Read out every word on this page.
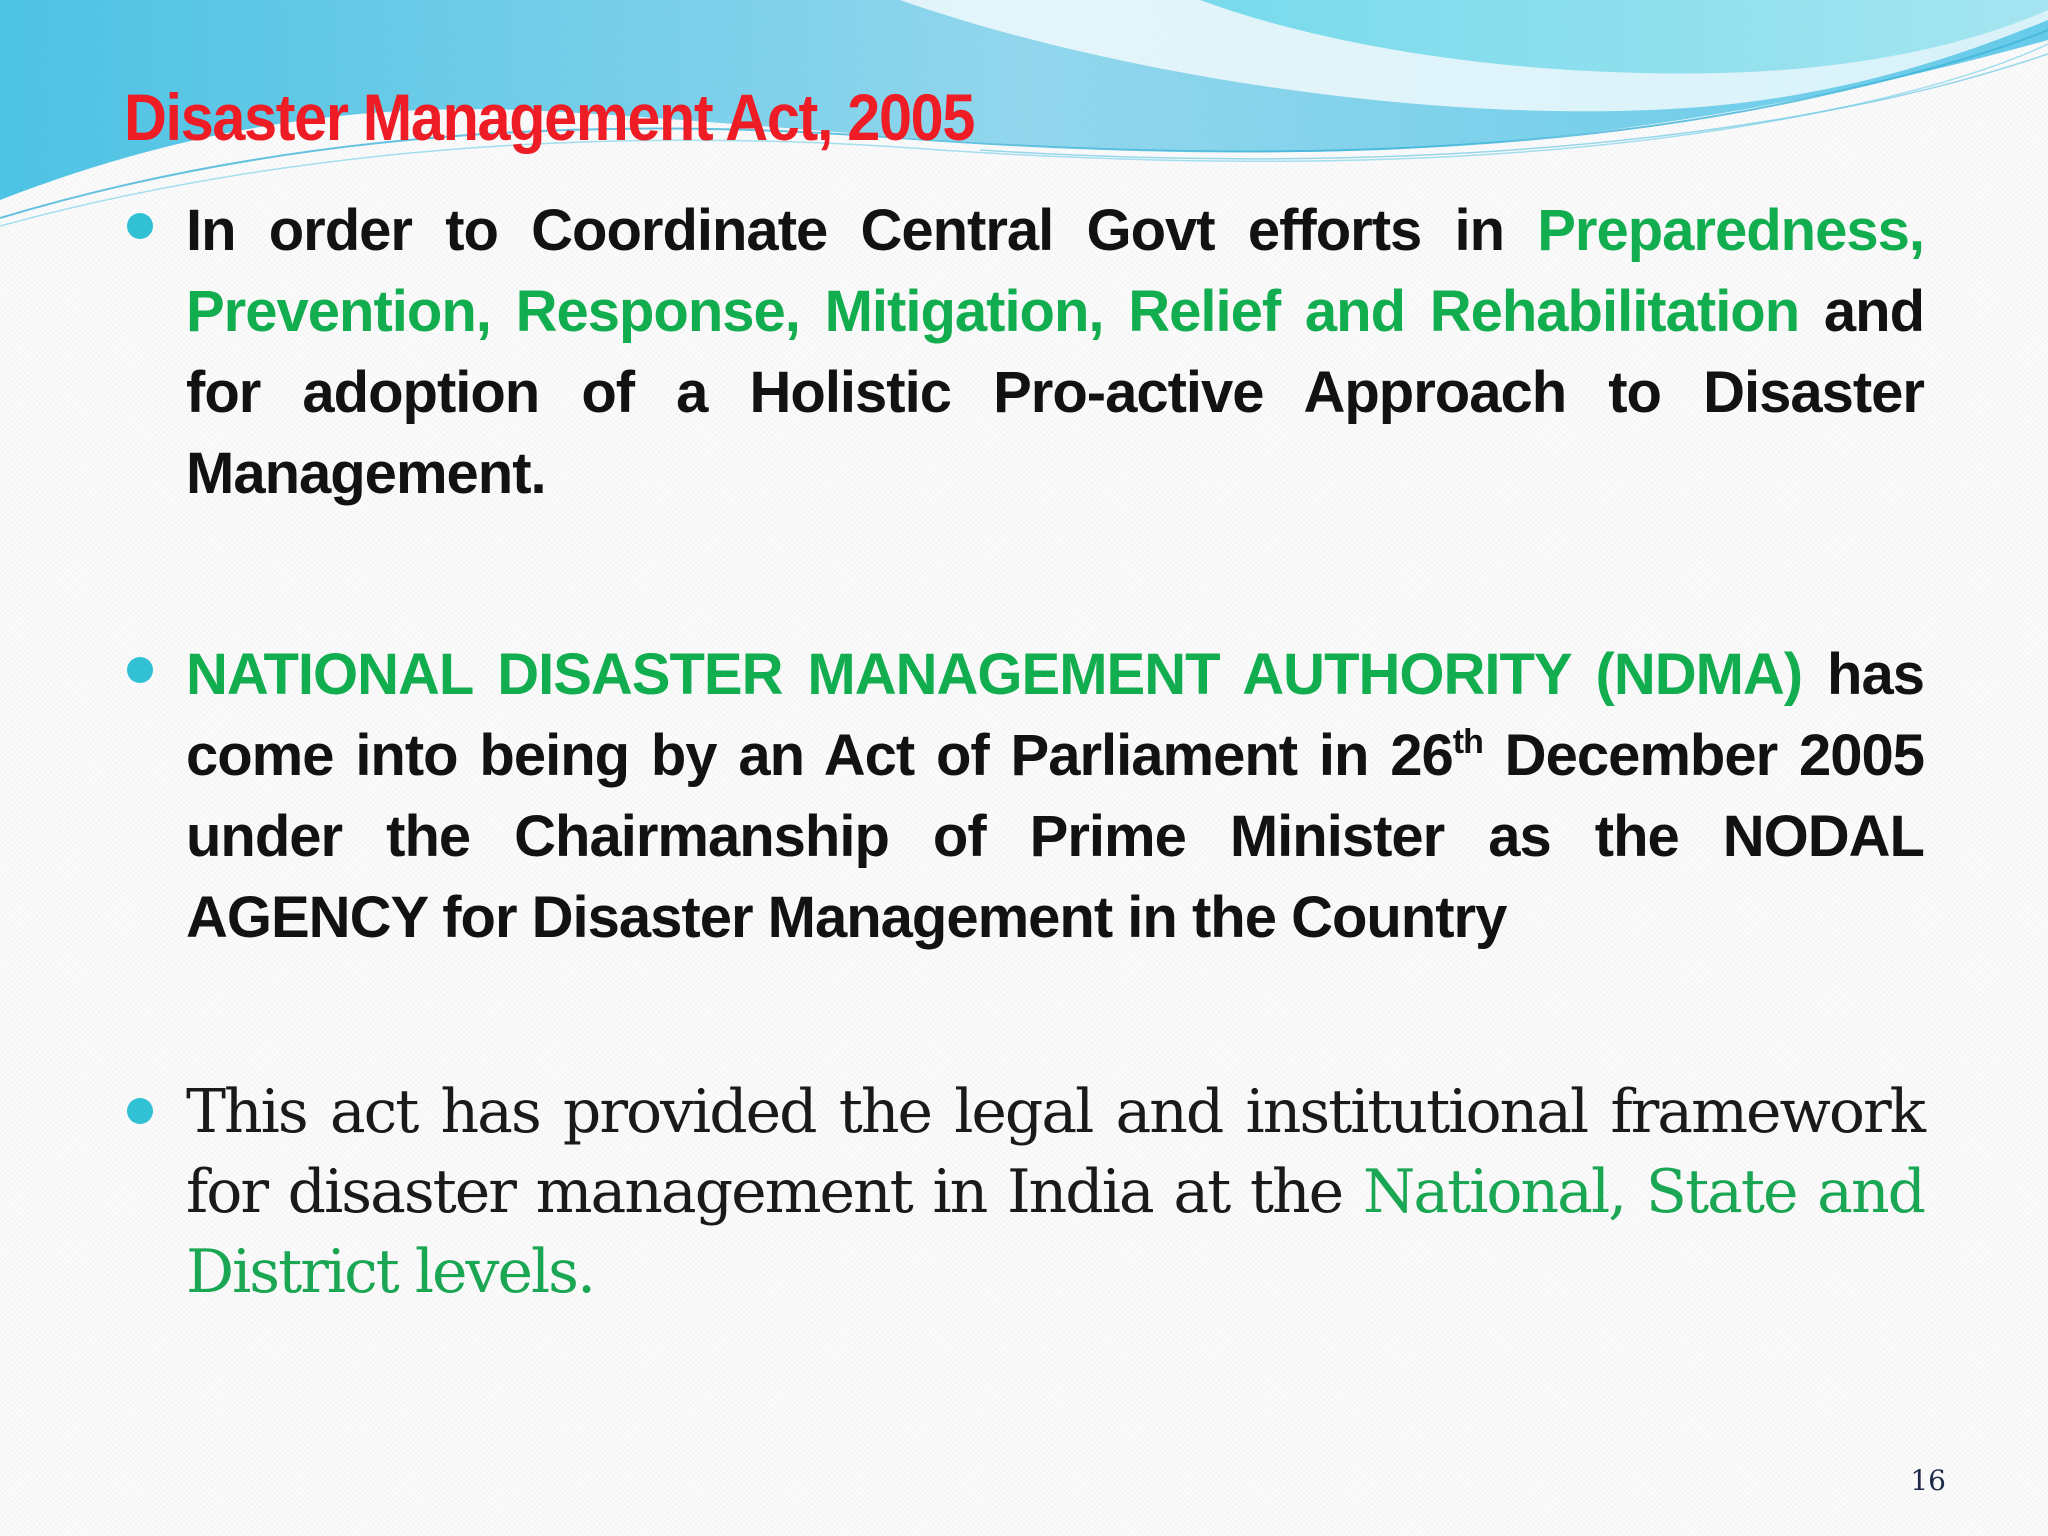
Disaster Management Act, 2005

In order to Coordinate Central Govt efforts in Preparedness, Prevention, Response, Mitigation, Relief and Rehabilitation and for adoption of a Holistic Pro-active Approach to Disaster Management.

NATIONAL DISASTER MANAGEMENT AUTHORITY (NDMA) has come into being by an Act of Parliament in 26th December 2005 under the Chairmanship of Prime Minister as the NODAL AGENCY for Disaster Management in the Country

This act has provided the legal and institutional framework for disaster management in India at the National, State and District levels.

16
